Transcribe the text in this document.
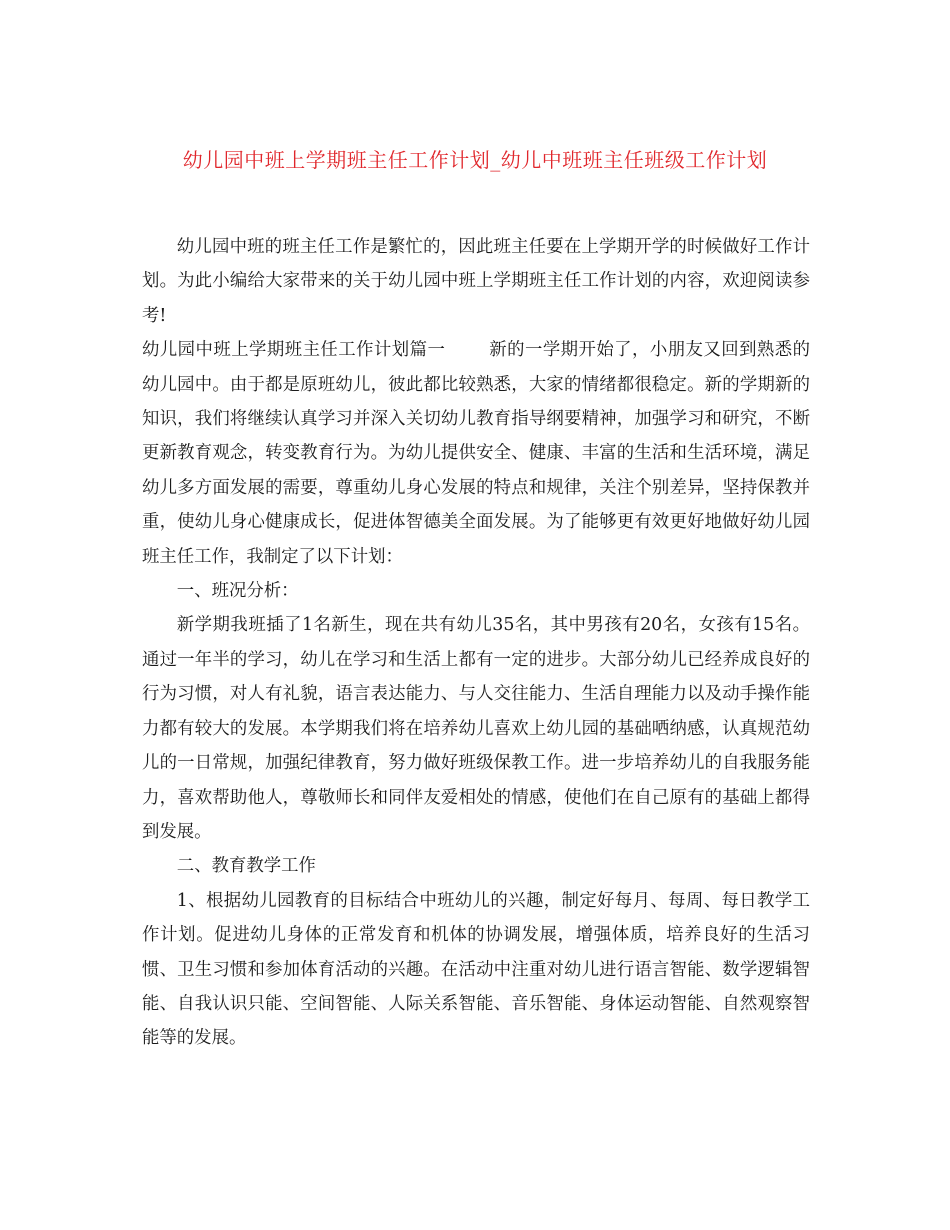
幼儿园中班上学期班主任工作计划_幼儿中班班主任班级工作计划

幼儿园中班的班主任工作是繁忙的，因此班主任要在上学期开学的时候做好工作计划。为此小编给大家带来的关于幼儿园中班上学期班主任工作计划的内容，欢迎阅读参考!

幼儿园中班上学期班主任工作计划篇一	新的一学期开始了，小朋友又回到熟悉的幼儿园中。由于都是原班幼儿，彼此都比较熟悉，大家的情绪都很稳定。新的学期新的知识，我们将继续认真学习并深入关切幼儿教育指导纲要精神，加强学习和研究，不断更新教育观念，转变教育行为。为幼儿提供安全、健康、丰富的生活和生活环境，满足幼儿多方面发展的需要，尊重幼儿身心发展的特点和规律，关注个别差异，坚持保教并重，使幼儿身心健康成长，促进体智德美全面发展。为了能够更有效更好地做好幼儿园班主任工作，我制定了以下计划：

一、班况分析：

新学期我班插了1名新生，现在共有幼儿35名，其中男孩有20名，女孩有15名。通过一年半的学习，幼儿在学习和生活上都有一定的进步。大部分幼儿已经养成良好的行为习惯，对人有礼貌，语言表达能力、与人交往能力、生活自理能力以及动手操作能力都有较大的发展。本学期我们将在培养幼儿喜欢上幼儿园的基础哂纳感，认真规范幼儿的一日常规，加强纪律教育，努力做好班级保教工作。进一步培养幼儿的自我服务能力，喜欢帮助他人，尊敬师长和同伴友爱相处的情感，使他们在自己原有的基础上都得到发展。

二、教育教学工作

1、根据幼儿园教育的目标结合中班幼儿的兴趣，制定好每月、每周、每日教学工作计划。促进幼儿身体的正常发育和机体的协调发展，增强体质，培养良好的生活习惯、卫生习惯和参加体育活动的兴趣。在活动中注重对幼儿进行语言智能、数学逻辑智能、自我认识只能、空间智能、人际关系智能、音乐智能、身体运动智能、自然观察智能等的发展。
